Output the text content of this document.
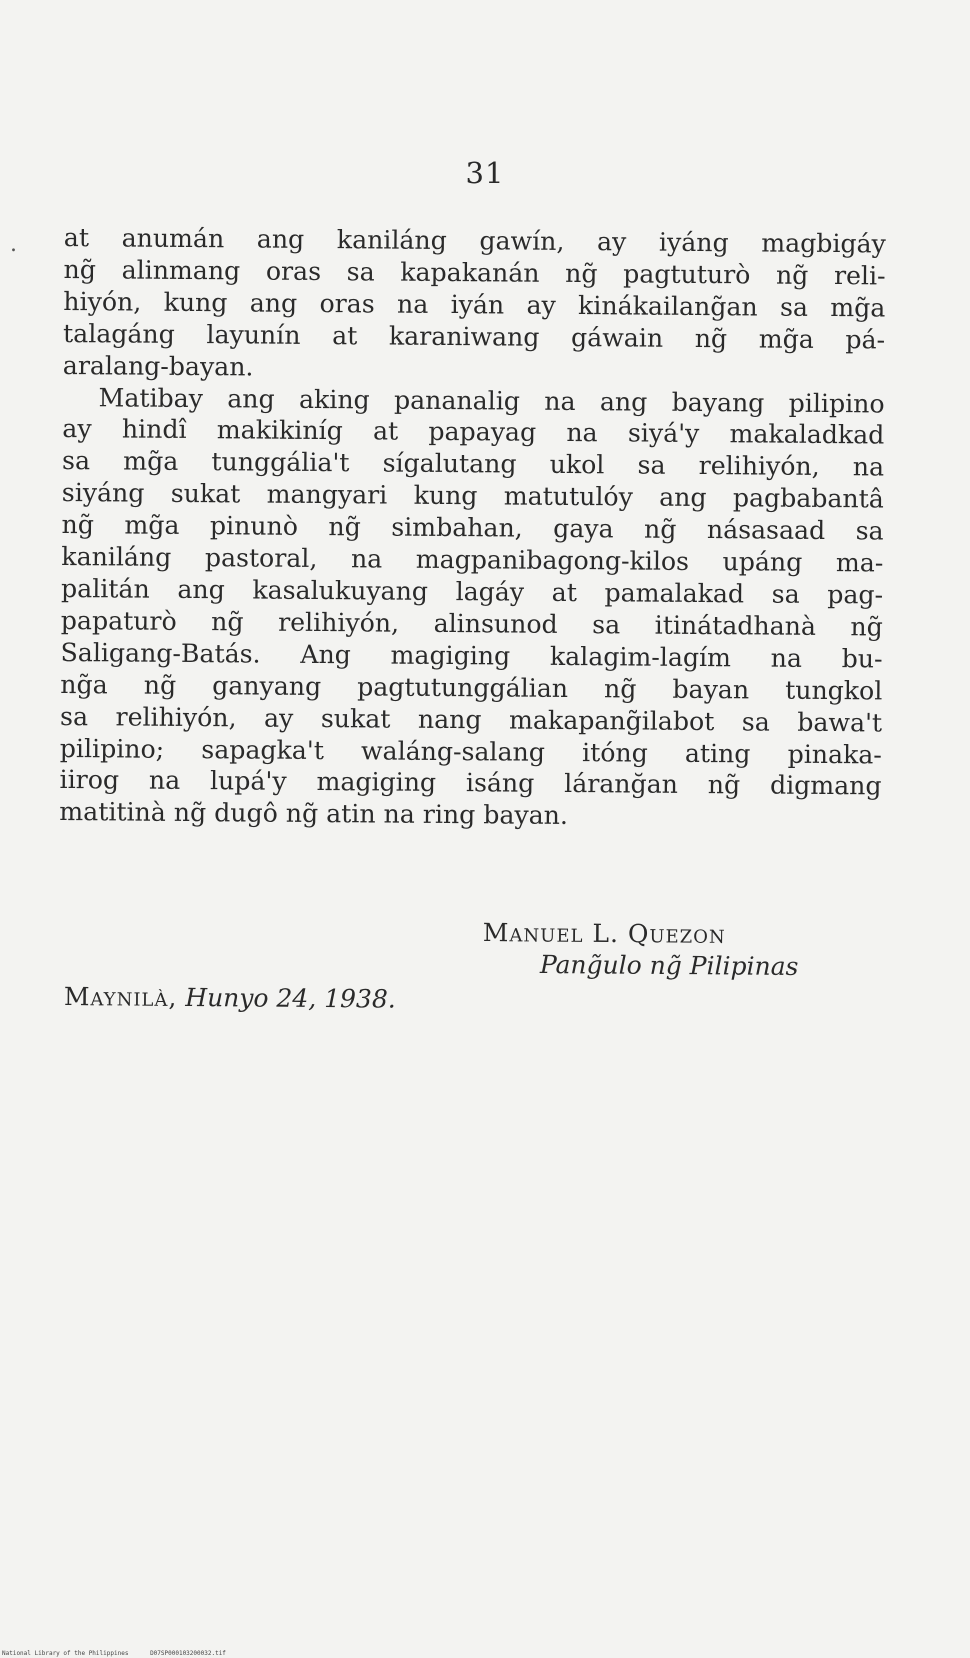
31
. at anumán ang kaniláng gawín, ay iyáng magbigáy
ng̃ alinmang oras sa kapakanán ng̃ pagtuturò ng̃ reli-
hiyón, kung ang oras na iyán ay kinákailang̃an sa mg̃a
talagáng layunín at karaniwang gáwain ng̃ mg̃a pá-
aralang-bayan.
Matibay ang aking pananalig na ang bayang pilipino
ay hindî makikiníg at papayag na siyá'y makaladkad
sa mg̃a tunggália't sígalutang ukol sa relihiyón, na
siyáng sukat mangyari kung matutulóy ang pagbabantâ
ng̃ mg̃a pinunò ng̃ simbahan, gaya ng̃ násasaad sa
kaniláng pastoral, na magpanibagong-kilos upáng ma-
palitán ang kasalukuyang lagáy at pamalakad sa pag-
papaturò ng̃ relihiyón, alinsunod sa itinátadhanà ng̃
Saligang-Batás. Ang magiging kalagim-lagím na bu-
ng̃a ng̃ ganyang pagtutunggálian ng̃ bayan tungkol
sa relihiyón, ay sukat nang makapang̃ilabot sa bawa't
pilipino; sapagka't waláng-salang itóng ating pinaka-
iirog na lupá'y magiging isáng láranğan ng̃ digmang
matitinà ng̃ dugô ng̃ atin na ring bayan.
Manuel L. Quezon
Pang̃ulo ng̃ Pilipinas
Maynilà, Hunyo 24, 1938.
National Library of the Philippines	D07SP000103200032.tif
